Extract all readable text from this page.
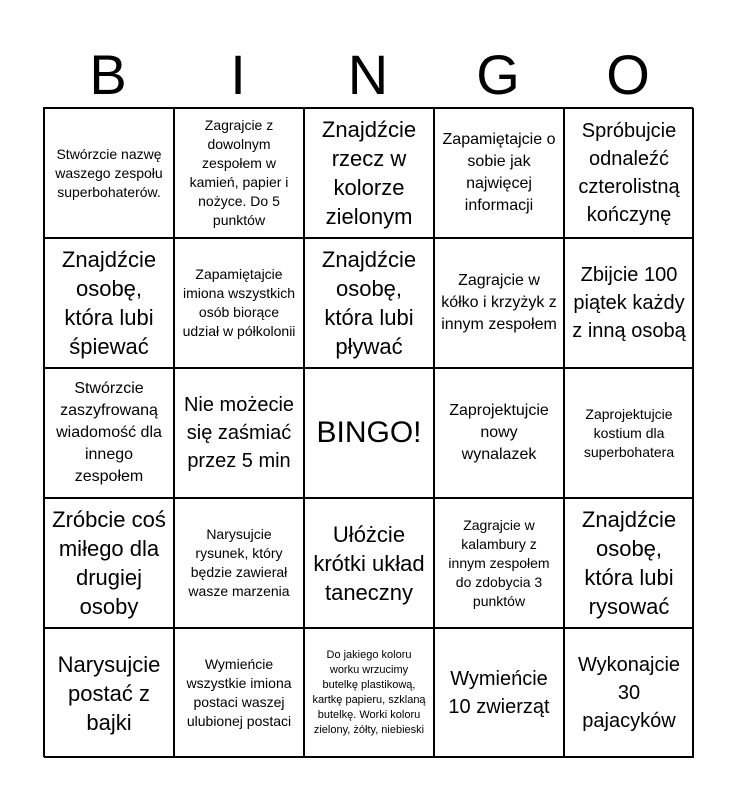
B	I	N	G	O
Stwórzcie nazwę waszego zespołu superbohaterów.
Zagrajcie z dowolnym zespołem w kamień, papier i nożyce. Do 5 punktów
Znajdźcie rzecz w kolorze zielonym
Zapamiętajcie o sobie jak najwięcej informacji
Spróbujcie odnaleźć czterolistną kończynę
Znajdźcie osobę, która lubi śpiewać
Zapamiętajcie imiona wszystkich osób biorące udział w półkolonii
Znajdźcie osobę, która lubi pływać
Zagrajcie w kółko i krzyżyk z innym zespołem
Zbijcie 100 piątek każdy z inną osobą
Stwórzcie zaszyfrowaną wiadomość dla innego zespołem
Nie możecie się zaśmiać przez 5 min
BINGO!
Zaprojektujcie nowy wynalazek
Zaprojektujcie kostium dla superbohatera
Zróbcie coś miłego dla drugiej osoby
Narysujcie rysunek, który będzie zawierał wasze marzenia
Ułóżcie krótki układ taneczny
Zagrajcie w kalambury z innym zespołem do zdobycia 3 punktów
Znajdźcie osobę, która lubi rysować
Narysujcie postać z bajki
Wymieńcie wszystkie imiona postaci waszej ulubionej postaci
Do jakiego koloru worku wrzucimy butelkę plastikową, kartkę papieru, szklaną butelkę. Worki koloru zielony, żółty, niebieski
Wymieńcie 10 zwierząt
Wykonajcie 30 pajacyków
